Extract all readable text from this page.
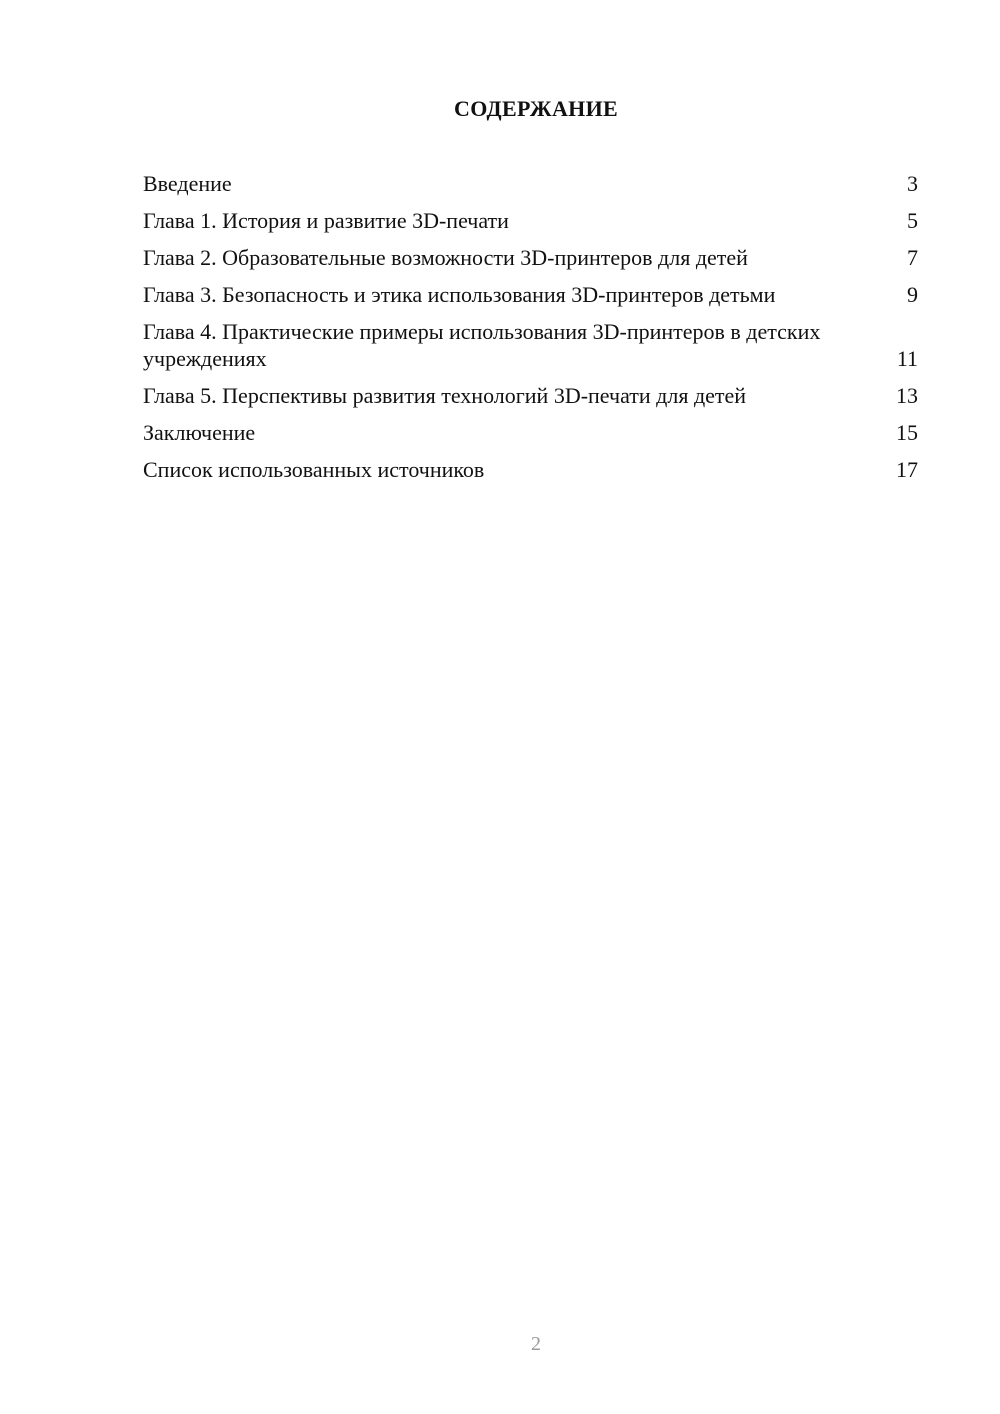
СОДЕРЖАНИЕ
Введение	3
Глава 1. История и развитие 3D-печати	5
Глава 2. Образовательные возможности 3D-принтеров для детей	7
Глава 3. Безопасность и этика использования 3D-принтеров детьми	9
Глава 4. Практические примеры использования 3D-принтеров в детских учреждениях	11
Глава 5. Перспективы развития технологий 3D-печати для детей	13
Заключение	15
Список использованных источников	17
2
